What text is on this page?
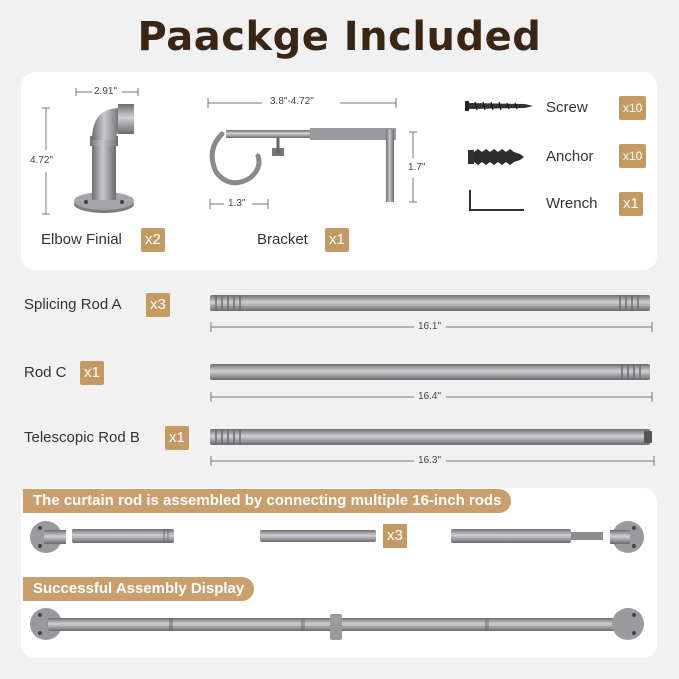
Paackge Included
2.91"
4.72"
Elbow Finial x2
3.8"-4.72"
1.7"
1.3"
Bracket x1
Screw	x10
Anchor	x10
Wrench x1
Splicing Rod A x3
16.1"
Rod C x1
16.4"
Telescopic Rod B x1
16.3"
The curtain rod is assembled by connecting multiple 16-inch rods
x3
Successful Assembly Display
